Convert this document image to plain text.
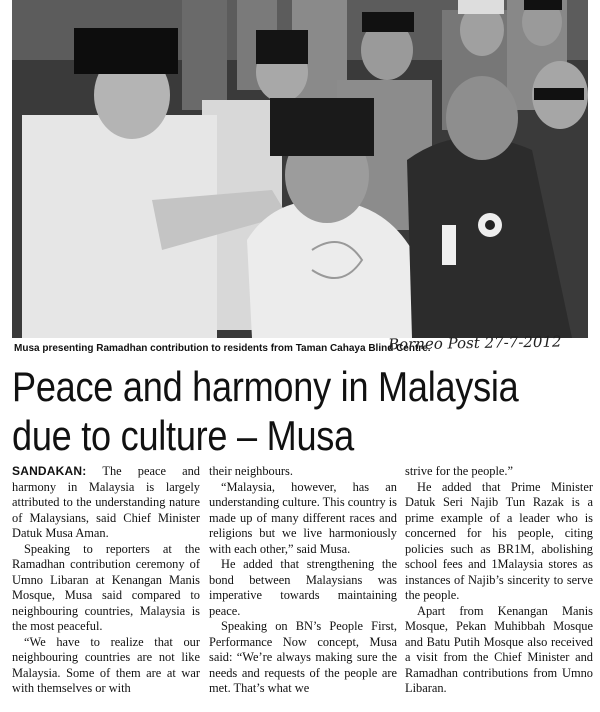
Musa presenting Ramadhan contribution to residents from Taman Cahaya Blind Centre.
Borneo Post 27-7-2012
Peace and harmony in Malaysia
due to culture – Musa

SANDAKAN: The peace and harmony in Malaysia is largely attributed to the understanding nature of Malaysians, said Chief Minister Datuk Musa Aman.

Speaking to reporters at the Ramadhan contribution ceremony of Umno Libaran at Kenangan Manis Mosque, Musa said compared to neighbouring countries, Malaysia is the most peaceful.

“We have to realize that our neighbouring countries are not like Malaysia. Some of them are at war with themselves or with

their neighbours.

“Malaysia, however, has an understanding culture. This country is made up of many different races and religions but we live harmoniously with each other,” said Musa.

He added that strengthening the bond between Malaysians was imperative towards maintaining peace.

Speaking on BN’s People First, Performance Now concept, Musa said: “We’re always making sure the needs and requests of the people are met. That’s what we

strive for the people.”

He added that Prime Minister Datuk Seri Najib Tun Razak is a prime example of a leader who is concerned for his people, citing policies such as BR1M, abolishing school fees and 1Malaysia stores as instances of Najib’s sincerity to serve the people.

Apart from Kenangan Manis Mosque, Pekan Muhibbah Mosque and Batu Putih Mosque also received a visit from the Chief Minister and Ramadhan contributions from Umno Libaran.
